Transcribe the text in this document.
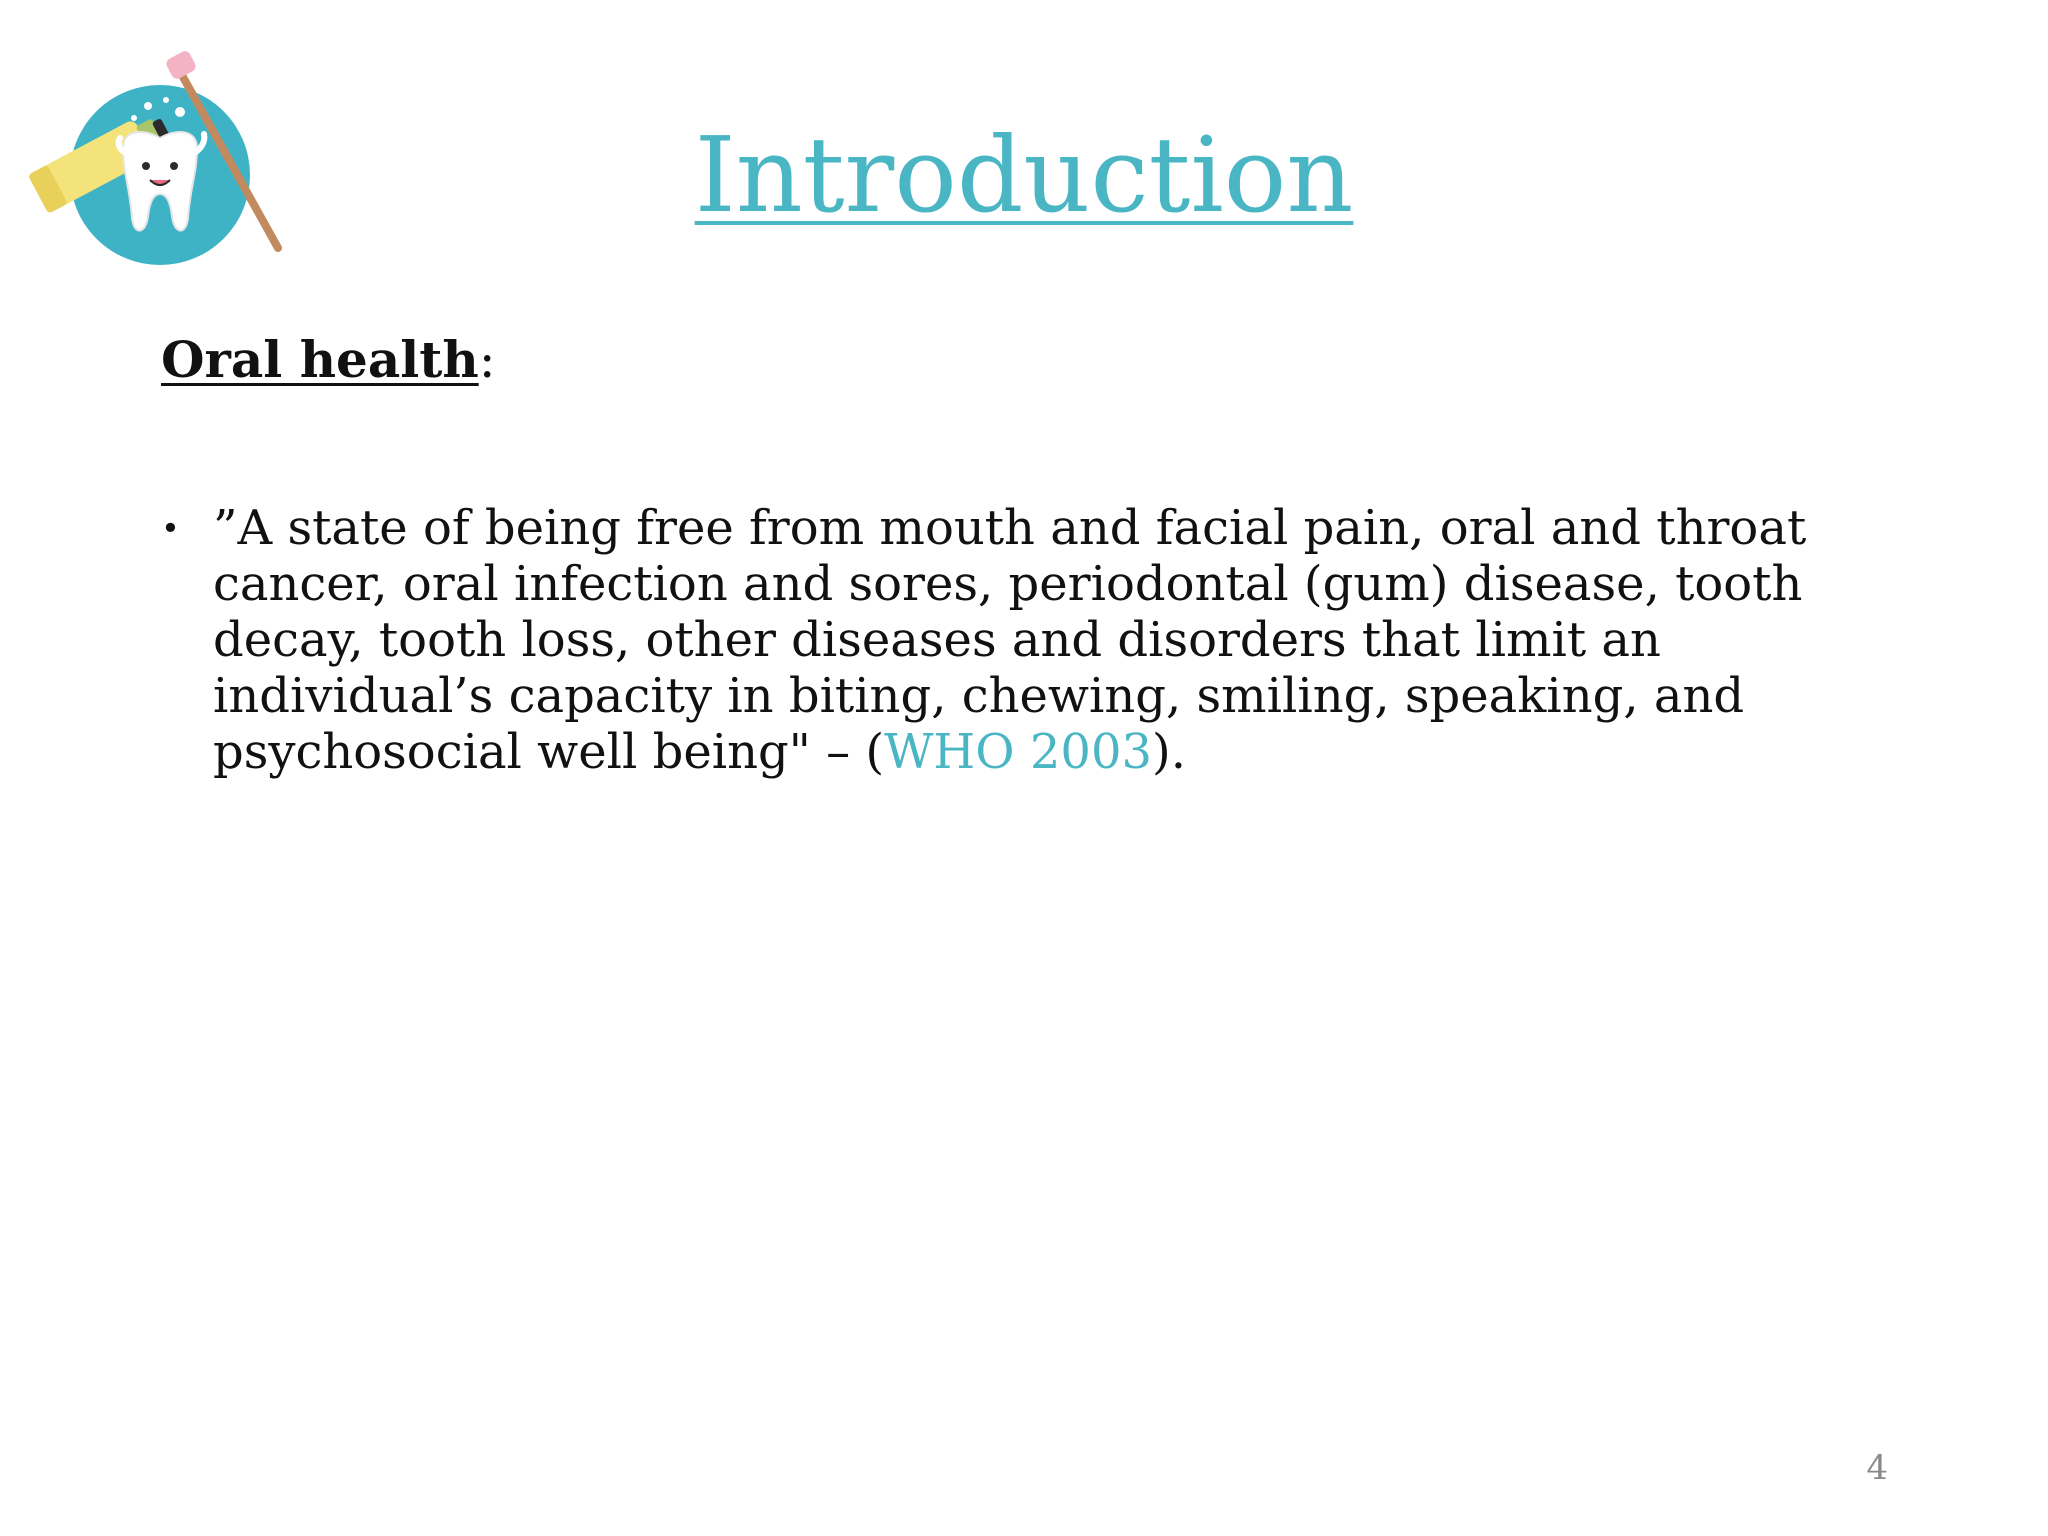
Introduction

Oral health:

• ”A state of being free from mouth and facial pain, oral and throat cancer, oral infection and sores, periodontal (gum) disease, tooth decay, tooth loss, other diseases and disorders that limit an individual’s capacity in biting, chewing, smiling, speaking, and psychosocial well being" – (WHO 2003).
4
